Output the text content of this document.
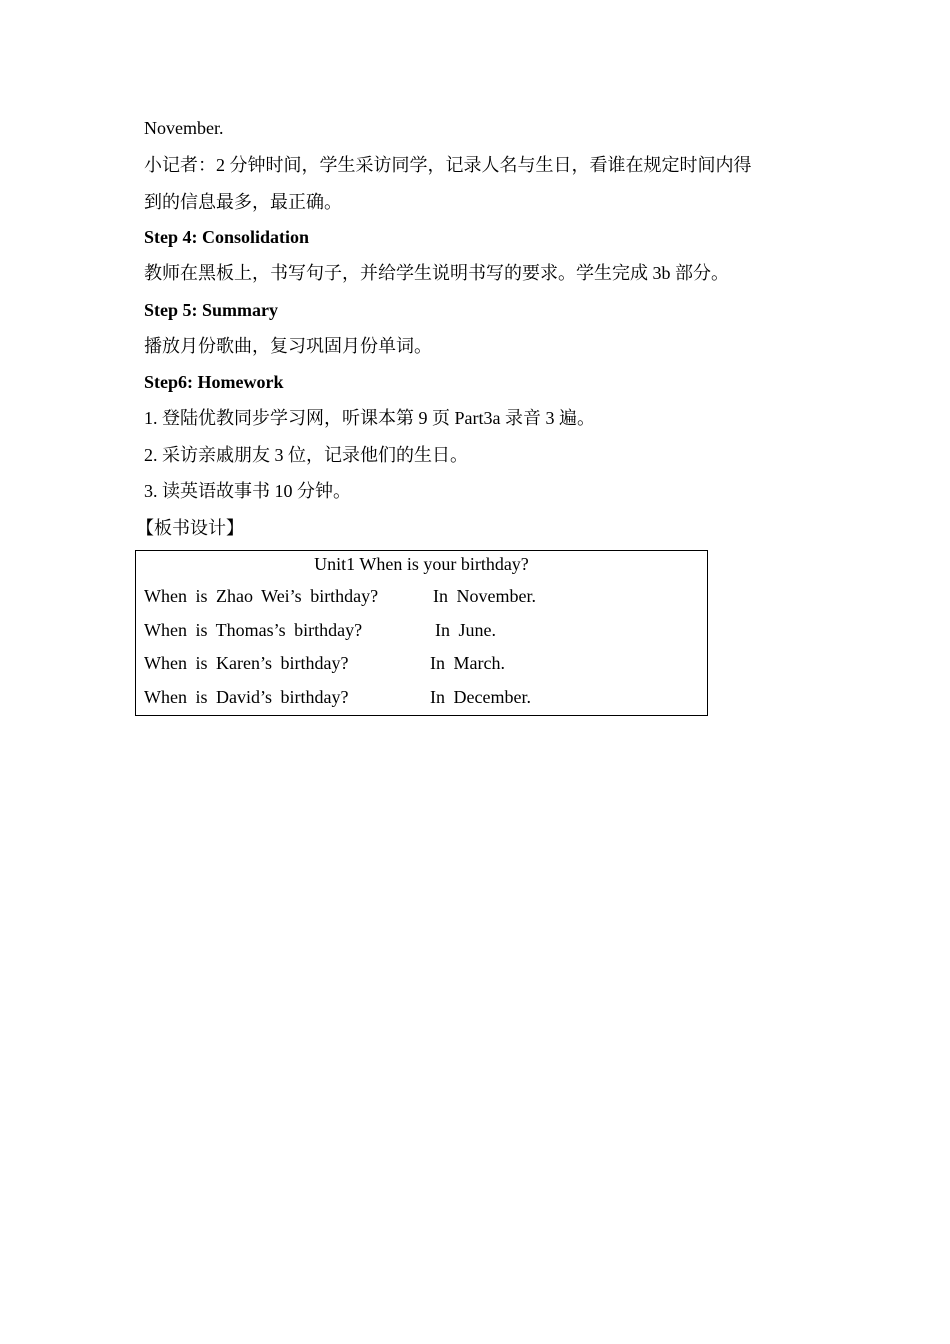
November.
小记者：2 分钟时间，学生采访同学，记录人名与生日，看谁在规定时间内得
到的信息最多，最正确。
Step 4: Consolidation
教师在黑板上，书写句子，并给学生说明书写的要求。学生完成 3b 部分。
Step 5: Summary
播放月份歌曲，复习巩固月份单词。
Step6: Homework
1. 登陆优教同步学习网，听课本第 9 页 Part3a 录音 3 遍。
2. 采访亲戚朋友 3 位，记录他们的生日。
3. 读英语故事书 10 分钟。
【板书设计】
Unit1 When is your birthday?
When is Zhao Wei’s birthday?	In November.
When is Thomas’s birthday?	In June.
When is Karen’s birthday?	In March.
When is David’s birthday?	In December.
